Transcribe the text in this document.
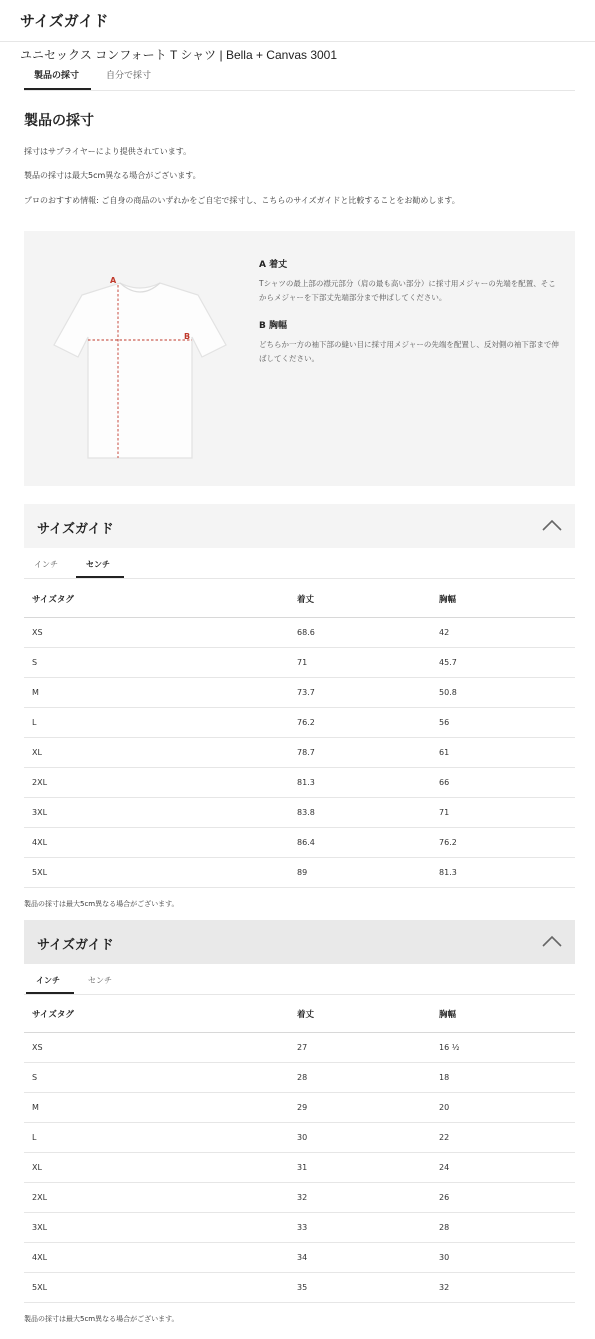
サイズガイド
ユニセックス コンフォート T シャツ | Bella + Canvas 3001
製品の採寸	自分で採寸
製品の採寸
採寸はサプライヤーにより提供されています。
製品の採寸は最大5cm異なる場合がございます。
プロのおすすめ情報: ご自身の商品のいずれかをご自宅で採寸し、こちらのサイズガイドと比較することをお勧めします。
A
B
A 着丈
Tシャツの最上部の襟元部分（肩の最も高い部分）に採寸用メジャーの先端を配置、そこからメジャーを下部丈先端部分まで伸ばしてください。
B 胸幅
どちらか一方の袖下部の縫い目に採寸用メジャーの先端を配置し、反対側の袖下部まで伸ばしてください。
サイズガイド
インチ	センチ
サイズタグ	着丈	胸幅
XS	68.6	42
S	71	45.7
M	73.7	50.8
L	76.2	56
XL	78.7	61
2XL	81.3	66
3XL	83.8	71
4XL	86.4	76.2
5XL	89	81.3
製品の採寸は最大5cm異なる場合がございます。
サイズガイド
インチ	センチ
サイズタグ	着丈	胸幅
XS	27	16 ½
S	28	18
M	29	20
L	30	22
XL	31	24
2XL	32	26
3XL	33	28
4XL	34	30
5XL	35	32
製品の採寸は最大5cm異なる場合がございます。
